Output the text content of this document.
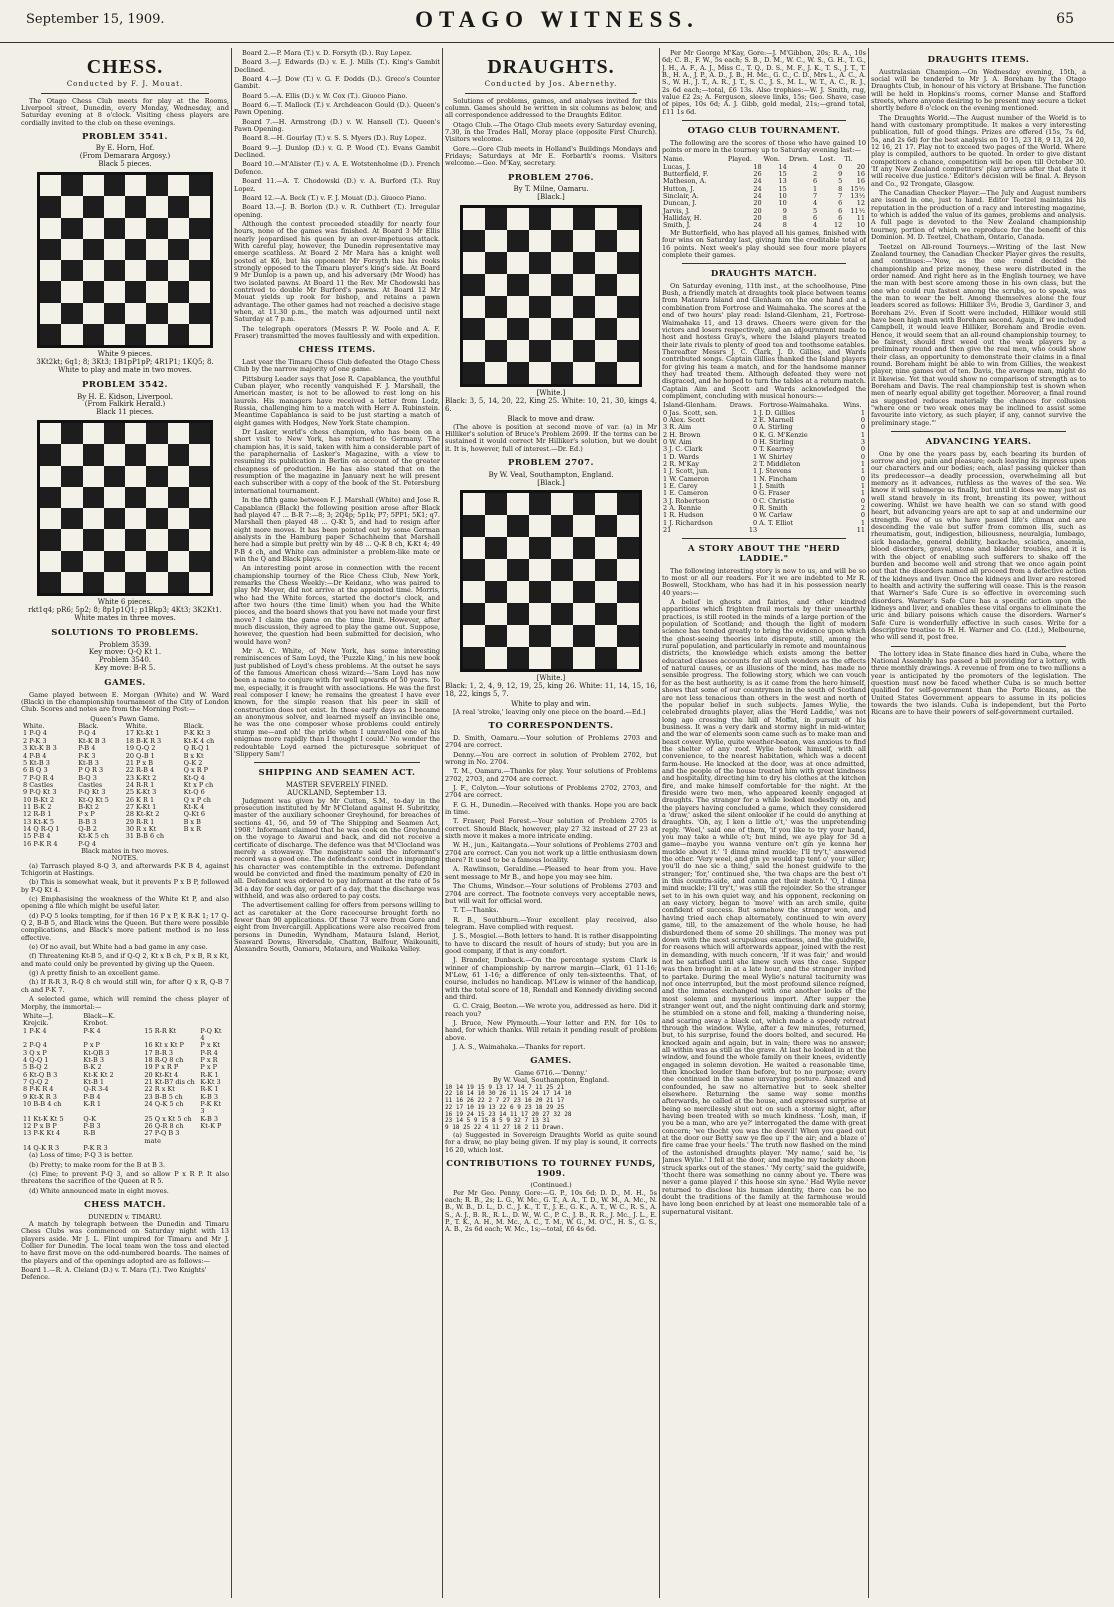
September 15, 1909.	OTAGO WITNESS.	65
CHESS.
Conducted by F. J. Mouat.

The Otago Chess Club meets for play at the Rooms, Liverpool street, Dunedin, every Monday, Wednesday, and Saturday evening at 8 o'clock. Visiting chess players are cordially invited to the club on these evenings.

PROBLEM 3541.
By E. Horn, Hof.
(From Demarara Argosy.)
Black 5 pieces.
White 9 pieces.
3Kt2kt; 6q1; 8; 3Kt3; 1B1pP1pP; 4R1P1; 1KQ5; 8.
White to play and mate in two moves.
PROBLEM 3542.
By H. E. Kidson, Liverpool.
(From Falkirk Herald.)
Black 11 pieces.
White 6 pieces.
rkt1q4; pR6; 5p2; 8; 8p1p1Q1; p1Bkp3; 4Kt3; 3K2Kt1.
White mates in three moves.
SOLUTIONS TO PROBLEMS.
Problem 3539.
Key move: Q-Q Kt 1.
Problem 3540.
Key move: B-R 5.
GAMES.

Game played between E. Morgan (White) and W. Ward (Black) in the championship tournament of the City of London Club. Scores and notes are from the Morning Post:—

Queen's Pawn Game.
White.	Black.	White.	Black.
1 P-Q 4	P-Q 4	17 Kt-Kt 1	P-K Kt 3
2 P-K 3	Kt-K B 3	18 B-K R 3	Kt-K 4 ch
3 Kt-K B 3	P-B 4	19 Q-Q 2	Q R-Q 1
4 P-B 4	P-K 3	20 Q-B 1	B x Kt
5 Kt-B 3	Kt-B 3	21 P x B	Q-K 2
6 B Q 3	P Q R 3	22 R-B 4	Q x R P
7 P-Q R 4	B-Q 3	23 K-Kt 2	Kt-Q 4
8 Castles	Castles	24 R-R 1	Kt x P ch
9 P-Q Kt 3	P-Q Kt 3	25 K-Kt 3	Kt-Q 6
10 B-Kt 2	Kt-Q Kt 5	26 K R 1	Q x P ch
11 B-K 2	B-Kt 2	27 K-Kt 1	Kt-K 4
12 R-B 1	P x P	28 Kt-Kt 2	Q-Kt 6
13 Kt-K 5	B-B 3	29 R-R 1	B x B
14 Q R-Q 1	Q-B 2	30 R x Kt	B x R
15 P-B 4	Kt-K 5 ch	31 B-B 6 ch	
16 P-K R 4	P-Q 4		
Black mates in two moves.
NOTES.

(a) Tarrasch played 8-Q 3, and afterwards P-K B 4, against Tchigorin at Hastings.

(b) This is somewhat weak, but it prevents P x B P, followed by P-Q Kt 4.

(c) Emphasising the weakness of the White Kt P, and also opening a file which might be useful later.

(d) P-Q 5 looks tempting, for if then 16 P x P, K R-K 1; 17 Q-Q 2, B-B 5, and Black wins the Queen. But there were possible complications, and Black's more patient method is no less effective.

(e) Of no avail, but White had a bad game in any case.

(f) Threatening Kt-B 5, and if Q-Q 2, Kt x B ch, P x B, R x Kt, and mate could only be prevented by giving up the Queen.

(g) A pretty finish to an excellent game.

(h) If R-R 3, R-Q 8 ch would still win, for after Q x R, Q-B 7 ch and P-K 7.

A selected game, which will remind the chess player of Morphy, the immortal:—

White—J. Krejcik.	Black—K. Krobot.		
1 P-K 4	P-K 4	15 R-R Kt	P-Q Kt 4
2 P-Q 4	P x P	16 Kt x Kt P	P x Kt
3 Q x P	Kt-QB 3	17 B-R 3	P-R 4
4 Q-Q 1	Kt-B 3	18 R-Q 8 ch	P x R
5 B-Q 2	B-K 2	19 P x R P	P x P
6 Kt-Q B 3	Kt-K Kt 2	20 Kt-Kt 4	R-K 1
7 Q-Q 2	Kt-B 1	21 Kt-B7 dis ch	K-Kt 3
8 P-K R 4	Q-R 3-4	22 R x Kt	R-K 1
9 Kt-K R 3	P-B 4	23 B-B 5 ch	K-B 3
10 B-B 4 ch	K-R 1	24 Q-K 5 ch	P-K Kt 3
11 Kt-K Kt 5	Q-K	25 Q x Kt 5 ch	K-B 3
12 P x B P	P-B 3	26 Q-R 8 ch	Kt-K P
13 P-K Kt 4	R-B	27 P-Q B 3 mate	
14 Q-K R 3	P-K R 3		

(a) Loss of time; P-Q 3 is better.

(b) Pretty; to make room for the B at B 3.

(c) Fine; to prevent P-Q 3, and so allow P x R P. It also threatens the sacrifice of the Queen at R 5.

(d) White announced mate in eight moves.

CHESS MATCH.
DUNEDIN v. TIMARU.

A match by telegraph between the Dunedin and Timaru Chess Clubs was commenced on Saturday night with 13 players aside. Mr J. L. Flint umpired for Timaru and Mr J. Collier for Dunedin. The local team won the toss and elected to have first move on the odd-numbered boards. The names of the players and of the openings adopted are as follows:—

Board 1.—R. A. Cleland (D.) v. T. Mara (T.). Two Knights' Defence.

Board 2.—P. Mara (T.) v. D. Forsyth (D.). Ruy Lopez.

Board 3.—J. Edwards (D.) v. E. J. Mills (T.). King's Gambit Declined.

Board 4.—J. Dow (T.) v. G. F. Dodds (D.). Greco's Counter Gambit.

Board 5.—A. Ellis (D.) v. W. Cox (T.). Giuoco Piano.

Board 6.—T. Mallock (T.) v. Archdeacon Gould (D.). Queen's Pawn Opening.

Board 7.—H. Armstrong (D.) v. W. Hansell (T.). Queen's Pawn Opening.

Board 8.—H. Gourlay (T.) v. S. S. Myers (D.). Ruy Lopez.

Board 9.—J. Dunlop (D.) v. G. P. Wood (T.). Evans Gambit Declined.

Board 10.—M'Alister (T.) v. A. E. Wotstenholme (D.). French Defence.

Board 11.—A. T. Chodowski (D.) v. A. Burford (T.). Ruy Lopez.

Board 12.—A. Beck (T.) v. F. J. Mouat (D.). Giuoco Piano.

Board 13.—J. B. Borlon (D.) v. R. Cuthbert (T.). Irregular opening.

Although the contest proceeded steadily for nearly four hours, none of the games was finished. At Board 3 Mr Ellis nearly jeopardised his queen by an over-impetuous attack. With careful play, however, the Dunedin representative may emerge scathless. At Board 2 Mr Mara has a knight well posted at K6, but his opponent Mr Forsyth has his rooks strongly opposed to the Timaru player's king's side. At Board 9 Mr Dunlop is a pawn up, and his adversary (Mr Wood) has two isolated pawns. At Board 11 the Rev. Mr Chodowski has contrived to double Mr Burford's pawns. At Board 12 Mr Mouat yields up rook for bishop, and retains a pawn advantage. The other games had not reached a decisive stage when, at 11.30 p.m., the match was adjourned until next Saturday at 7 p.m.

The telegraph operators (Messrs P. W. Poole and A. F. Fraser) transmitted the moves faultlessly and with expedition.

CHESS ITEMS.

Last year the Timaru Chess Club defeated the Otago Chess Club by the narrow majority of one game.

Pittsburg Leader says that Jose R. Capablanca, the youthful Cuban player, who recently vanquished F. J. Marshall, the American master, is not to be allowed to rest long on his laurels. His managers have received a letter from Lodz, Russia, challenging him to a match with Herr A. Rubinstein. Meantime Capablanca is said to be just starting a match of eight games with Hodges, New York State champion.

Dr Lasker, world's chess champion, who has been on a short visit to New York, has returned to Germany. The champion has, it is said, taken with him a considerable part of the paraphernalia of Lasker's Magazine, with a view to resuming its publication in Berlin on account of the greater cheapness of production. He has also stated that on the resumption of the magazine in January next he will present each subscriber with a copy of the book of the St. Petersburg international tournament.

In the fifth game between F. J. Marshall (White) and Jose R. Capablanca (Black) the following position arose after Black had played 47 ... B-R 7:—8; 3; 2Q4p; 5p1k; P7; 5PP1; 5K1; q7. Marshall then played 48 ... Q-Kt 5, and had to resign after eight more moves. It has been pointed out by some German analysts in the Hamburg paper Schachheim that Marshall here had a simple but pretty win by 48 ... Q-K 8 ch, K-Kt 4; 49 P-B 4 ch, and White can administer a problem-like mate or win the Q and Black plays.

An interesting point arose in connection with the recent championship tourney of the Rice Chess Club, New York, remarks the Chess Weekly:—Dr Keidanz, who was paired to play Mr Meyer, did not arrive at the appointed time. Morris, who had the White forces, started the doctor's clock, and after two hours (the time limit) when you had the White pieces, and the board shows that you have not made your first move? I claim the game on the time limit. However, after much discussion, they agreed to play the game out. Suppose, however, the question had been submitted for decision, who would have won?

Mr A. C. White, of New York, has some interesting reminiscences of Sam Loyd, the 'Puzzle King,' in his new book just published of Loyd's chess problems. At the outset he says of the famous American chess wizard:—'Sam Loyd has now been a name to conjure with for well upwards of 50 years. To me, especially, it is fraught with associations. He was the first real composer I knew; he remains the greatest I have ever known, for the simple reason that his peer in skill of construction does not exist. In those early days as I became an anonymous solver, and learned myself an invincible one, he was the one composer whose problems could entirely stump me—and oh! the pride when I unravelled one of his enigmas more rapidly than I thought I could.' No wonder the redoubtable Loyd earned the picturesque sobriquet of 'Slippery Sam'!

SHIPPING AND SEAMEN ACT.
MASTER SEVERELY FINED.
AUCKLAND, September 13.

Judgment was given by Mr Cutten, S.M., to-day in the prosecution instituted by Mr M'Cleland against H. Subritzky, master of the auxiliary schooner Greyhound, for breaches of sections 41, 56, and 59 of 'The Shipping and Seamen Act, 1908.' Informant claimed that he was cook on the Greyhound on the voyage to Awarui and back, and did not receive a certificate of discharge. The defence was that M'Clocland was merely a stowaway. The magistrate said the informant's record was a good one. The defendant's conduct in impugning his character was contemptible in the extreme. Defendant would be convicted and fined the maximum penalty of £20 in all. Defendant was ordered to pay informant at the rate of 5s 3d a day for each day, or part of a day, that the discharge was withheld, and was also ordered to pay costs.

The advertisement calling for offers from persons willing to act as caretaker at the Gore racecourse brought forth no fewer than 90 applications. Of these 73 were from Gore and eight from Invercargill. Applications were also received from persons in Dunedin, Wyndham, Mataura Island, Heriot, Seaward Downs, Riversdale, Chatton, Balfour, Waikouaiti, Alexandra South, Oamaru, Mataura, and Waikaka Valley.

DRAUGHTS.
Conducted by Jos. Abernethy.

Solutions of problems, games, and analyses invited for this column. Games should be written in six columns as below, and all correspondence addressed to the Draughts Editor.

Otago Club.—The Otago Club meets every Saturday evening, 7.30, in the Trades Hall, Moray place (opposite First Church). Visitors welcome.

Gore.—Gore Club meets in Holland's Buildings Mondays and Fridays; Saturdays at Mr E. Forbarth's rooms. Visitors welcome.—Geo. M'Kay, secretary.

PROBLEM 2706.
By T. Milne, Oamaru.
[Black.]
[White.]

Black: 3, 5, 14, 20, 22, King 25. White: 10, 21, 30, kings 4, 6.

Black to move and draw.

(The above is position at second move of var. (a) in Mr Hilliker's solution of Bruce's Problem 2699. If the terms can be sustained it would correct Mr Hilliker's solution, but we doubt it. It is, however, full of interest.—Dr. Ed.)

PROBLEM 2707.
By W. Veal, Southampton, England.
[Black.]
[White.]

Black: 1, 2, 4, 9, 12, 19, 25, king 26. White: 11, 14, 15, 16, 18, 22, kings 5, 7.

White to play and win.

[A real 'stroke,' leaving only one piece on the board.—Ed.]

TO CORRESPONDENTS.

D. Smith, Oamaru.—Your solution of Problems 2703 and 2704 are correct.

Denny.—You are correct in solution of Problem 2702, but wrong in No. 2704.

T. M., Oamaru.—Thanks for play. Your solutions of Problems 2702, 2703, and 2704 are correct.

J. F., Colyton.—Your solutions of Problems 2702, 2703, and 2704 are correct.

F. G. H., Dunedin.—Received with thanks. Hope you are back in time.

T. Fraser, Peel Forest.—Your solution of Problem 2705 is correct. Should Black, however, play 27 32 instead of 27 23 at sixth move it makes a more intricate ending.

W. H., jun., Kaitangata.—Your solutions of Problems 2703 and 2704 are correct. Can you not work up a little enthusiasm down there? It used to be a famous locality.

A. Rawlinson, Geraldine.—Pleased to hear from you. Have sent message to Mr B., and hope you may see him.

The Chums, Windsor.—Your solutions of Problems 2703 and 2704 are correct. The footnote conveys very acceptable news, but will wait for official word.

T. T.—Thanks.

R. B., Southburn.—Your excellent play received, also telegram. Have complied with request.

J. S., Mosgiel.—Both letters to hand. It is rather disappointing to have to discard the result of hours of study; but you are in good company, if that is any comfort.

J. Brander, Dunback.—On the percentage system Clark is winner of championship by narrow margin—Clark, 61 11-16; M'Lew, 61 1-16; a difference of only ten-sixteenths. That, of course, includes no handicap. M'Lew is winner of the handicap, with the total score of 18, Rendall and Kennedy dividing second and third.

G. C. Craig, Beeton.—We wrote you, addressed as here. Did it reach you?

J. Bruce, New Plymouth.—Your letter and P.N. for 10s to hand, for which thanks. Will retain it pending result of problem above.

J. A. S., Waimahaka.—Thanks for report.

GAMES.
Game 6716.—'Denny.'
By W. Veal, Southampton, England.
10 14 19 15 9 13 17 14 7 11 25 21
22 18 14 10 30 26 11 15 24 17 14 10
11 16 26 22 2 7 27 23 16 20 21 17
22 17 10 19 13 22 6 9 23 18 29 25
16 19 24 15 23 14 11 17 20 27 32 28
23 14 5 9 15 8 5 9 32 7 13 31
9 18 25 22 4 11 27 18 2 11 Drawn.

(a) Suggested in Sovereign Draughts World as quite sound for a draw, no play being given. If my play is sound, it corrects 16 20, which lost.

CONTRIBUTIONS TO TOURNEY FUNDS, 1909.
(Continued.)

Per Mr Geo. Penny, Gore:—G. P., 10s 6d; D. D., M. H., 5s each; R. B., 2s; L. G., W. Mc., G. T., A. A., T. D., W. M., A. Mc., N. B., W. B., D. L., D. C., J. K., T. T., J. E., G. K., A. T., W. C., R. S., A. S., A. J., B. R., R. L., D. W., W. C., P. C., J. B., R. R., J. Mc., J. L., E. P., T. K., A. H., M. Mc., A. C., T. M., W. G., M. O'C., H. S., G. S., A. B., 2s 6d each; W. Mc., 1s;—total, £6 4s 6d.

Per Mr George M'Kay, Gore:—J. M'Gibbon, 20s; R. A., 10s 6d; C. B., F. W., 5s each; S. B., D. M., W. C., W. S., G. H., T. G., J. H., A. F., A. J., Miss C., T. Q., D. S., M. F., J. K., T. S., J. T., T. B., H. A., J. P., A. D., J. B., H. Mc., G. C., C. D., Mrs L., A. C., A. S., W. H., J. T., A. R., J. T., S. C., J. S., M. L., W. T., A. C., R. J., 2s 6d each;—total, £6 13s. Also trophies:—W. J. Smith, rug, value £2 2s; A. Ferguson, sleeve links, 15s; Geo. Shave, case of pipes, 10s 6d; A. J. Gibb, gold medal, 21s;—grand total, £11 1s 6d.

OTAGO CLUB TOURNAMENT.

The following are the scores of those who have gained 10 points or more in the tourney up to Saturday evening last:—

Name.	Played.	Won.	Drwn.	Lost.	Tl.
Lucas, J.	18	14	4	0	20
Butterfield, F.	26	15	2	9	16
Matheson, A.	24	13	6	5	16
Hutton, J.	24	15	1	8	15½
Sinclair, A.	24	10	7	7	13½
Duncan, J.	20	10	4	6	12
Jarvis, J.	20	9	5	6	11½
Halliday, H.	20	8	6	6	11
Smith, J.	24	8	4	12	10

Mr Butterfield, who has played all his games, finished with four wins on Saturday last, giving him the creditable total of 16 points. Next week's play should see four more players complete their games.

DRAUGHTS MATCH.

On Saturday evening, 11th inst., at the schoolhouse, Pine Bush, a friendly match at draughts took place between teams from Mataura Island and Glenham on the one hand and a combination from Fortrose and Waimahaka. The scores at the end of two hours' play read: Island-Glenham, 21, Fortrose-Waimahaka 11, and 13 draws. Cheers were given for the victors and losers respectively, and an adjournment made to host and hostess Gray's, where the Island players treated their late rivals to plenty of good tea and toothsome eatables. Thereafter Messrs J. C. Clark, J. D. Gillies, and Wards contributed songs. Captain Gillies thanked the Island players for giving his team a match, and for the handsome manner they had treated them. Although defeated they were not disgraced, and he hoped to turn the tables at a return match. Captain Aim and Scott and Wards acknowledged the compliment, concluding with musical honours:—

Island-Glenham.	Draws.	Fortrose-Waimahaka.	Wins.
0 Jas. Scott, sen.	1	J. D. Gillies	1
0 Alex. Scott	2	E. Marnell	0
3 R. Aim	0	A. Stirling	0
2 H. Brown	0	K. G. M'Kenzie	1
0 W. Aim	0	H. Stirling	3
3 J. C. Clark	0	T. Kearney	0
1 D. Wards	1	W. Shirley	0
2 R. M'Kay	2	T. Middleton	1
1 J. Scott, jun.	1	J. Stevens	1
1 W. Cameron	1	N. Fincham	0
1 E. Carey	1	J. Smith	1
1 E. Cameron	0	G. Fraser	1
3 J. Robertson	0	C. Christie	0
2 A. Rennie	0	R. Smith	2
1 R. Hudson	0	W. Carlaw	0
1 J. Richardson	0	A. T. Elliot	1
21	13		11
A STORY ABOUT THE "HERD LADDIE."

The following interesting story is new to us, and will be so to most or all our readers. For it we are indebted to Mr R. Boswell, Stockham, who has had it in his possession nearly 40 years:—

A belief in ghosts and fairies, and other kindred apparitions which frighten frail mortals by their unearthly practices, is still rooted in the minds of a large portion of the population of Scotland; and though the light of modern science has tended greatly to bring the evidence upon which the ghost-seeing theories into disrepute, still, among the rural population, and particularly in remote and mountainous districts, the knowledge which exists among the better educated classes accounts for all such wonders as the effects of natural causes, or as illusions of the mind, has made no sensible progress. The following story, which we can vouch for as the best authority, is as it came from the hero himself, shows that some of our countrymen in the south of Scotland are not less tenacious than others in the west and north of the popular belief in such subjects. James Wylie, the celebrated draughts player, alias the 'Herd Laddie,' was not long ago crossing the hill of Moffat, in pursuit of his business. It was a very dark and stormy night in mid-winter, and the war of elements soon came such as to make man and beast cower. Wylie, quite weather-beaten, was anxious to find the shelter of any roof. Wylie betook himself, with all convenience, to the nearest habitation, which was a decent farm-house. He knocked at the door, was at once admitted, and the people of the house treated him with great kindness and hospitality, directing him to dry his clothes at the kitchen fire, and make himself comfortable for the night. At the fireside were two men, who appeared keenly engaged at draughts. The stranger for a while looked modestly on, and the players having concluded a game, which they considered a 'draw,' asked the silent onlooker if he could do anything at draughts. 'Oh, ay, I ken a little o't,' was the unpretending reply. 'Weel,' said one of them, 'if you like to try your hand, you may take a while o't; but mind, we aye play for 3d a game—maybe you wanna venture on't gin ye kenna her muckle about it.' 'I dinna mind muckle; I'll try't,' answered the other. 'Very weel, and gin ye would tap tent o' your siller, you'll do nae sic a thing,' said the honest guidwife to the stranger; 'for,' continued she, 'the twa chaps are the best o't in this countra-side, and canna get their match.' 'O, I dinna mind muckle; I'll try't,' was still the rejoinder. So the stranger set to in his own quiet way, and his opponent, reckoning on an easy victory, began to 'move' with an arch smile, quite confident of success. But somehow the stranger won, and having tried each chap alternately, continued to win every game, till, to the amazement of the whole house, he had disburdened them of some 20 shillings. The money was put down with the most scrupulous exactness, and the guidwife, for reasons which will afterwards appear, joined with the rest in demanding, with much concern, 'If it was fair,' and would not be satisfied until she knew such was the case. Supper was then brought in at a late hour, and the stranger invited to partake. During the meal Wylie's natural taciturnity was not once interrupted, but the most profound silence reigned, and the inmates exchanged with one another looks of the most solemn and mysterious import. After supper the stranger went out, and the night continuing dark and stormy, he stumbled on a stone and fell, making a thundering noise, and scaring away a black cat, which made a speedy retreat through the window. Wylie, after a few minutes, returned, but, to his surprise, found the doors bolted, and secured. He knocked again and again, but in vain; there was no answer; all within was as still as the grave. At last he looked in at the window, and found the whole family on their knees, evidently engaged in solemn devotion. He waited a reasonable time, then knocked louder than before, but to no purpose; every one continued in the same unvarying posture. Amazed and confounded, he saw no alternative but to seek shelter elsewhere. Returning the same way some months afterwards, he called at the house, and expressed surprise at being so mercilessly shut out on such a stormy night, after having been treated with so much kindness. 'Losh, man, if you be a man, who are ye?' interrogated the dame with great concern; 'we thocht you was the deevil! When you gaed out at the door our Betty saw ye flee up i' the air; and a blaze o' fire came frae your heels.' The truth now flashed on the mind of the astonished draughts player. 'My name,' said he, 'is James Wylie.' I fell at the door, and maybe my tackety shoon struck sparks out of the stanes.' 'My certy,' said the guidwife, 'thocht there was something no canny about ye. There was never a game played i' this hoose sin syne.' Had Wylie never returned to disclose his human identity, there can be no doubt the traditions of the family at the farmhouse would have long been enriched by at least one memorable tale of a supernatural visitant.

DRAUGHTS ITEMS.

Australasian Champion.—On Wednesday evening, 15th, a social will be tendered to Mr J. A. Boreham by the Otago Draughts Club, in honour of his victory at Brisbane. The function will be held in Hopkins's rooms, corner Manse and Stafford streets, where anyone desiring to be present may secure a ticket shortly before 8 o'clock on the evening mentioned.

The Draughts World.—The August number of the World is to hand with customary promptitude. It makes a very interesting publication, full of good things. Prizes are offered (15s, 7s 6d, 5s, and 2s 6d) for the best analysis on 10 15, 23 18, 9 13, 24 20, 12 16, 21 17. Play not to exceed two pages of the World. Where play is compiled, authors to be quoted. In order to give distant competitors a chance, competition will be open till October 30. 'If any New Zealand competitors' play arrives after that date it will receive due justice.' Editor's decision will be final. A. Bryson and Co., 92 Trongate, Glasgow.

The Canadian Checker Player.—The July and August numbers are issued in one, just to hand. Editor Teetzel maintains his reputation in the production of a racy and interesting magazine, to which is added the value of its games, problems and analysis. A full page is devoted to the New Zealand championship tourney, portion of which we reproduce for the benefit of this Dominion. M. D. Teetzel, Chatham, Ontario, Canada.

Teetzel on All-round Tourneys.—Writing of the last New Zealand tourney, the Canadian Checker Player gives the results, and continues:—'Now, as the one round decided the championship and prize money, these were distributed in the order named. And right here as in the English tourney, we have the man with best score among those in his own class, but the one who could run fastest among the scrubs, so to speak, was the man to wear the belt. Among themselves alone the four leaders scored as follows: Hilliker 3½, Brodie 3, Gardiner 3, and Boreham 2½. Even if Scott were included, Hilliker would still have been high man with Boreham second. Again, if we included Campbell, it would leave Hilliker, Boreham and Brodie even. Hence, it would seem that an all-round championship tourney, to be fairest, should first weed out the weak players by a preliminary round and then give the real men, who could show their class, an opportunity to demonstrate their claims in a final round. Boreham might be able to win from Gillies, the weakest player, nine games out of ten. Davis, the average man, might do it likewise. Yet that would show no comparison of strength as to Boreham and Davis. The real championship test is shown when men of nearly equal ability get together. Moreover, a final round as suggested reduces materially the chances for collusion "where one or two weak ones may be inclined to assist some favourite into victory, as such player, if any, cannot survive the preliminary stage."'

ADVANCING YEARS.

One by one the years pass by, each bearing its burden of sorrow and joy, pain and pleasure; each leaving its impress upon our characters and our bodies; each, alas! passing quicker than its predecessor—a deadly procession, overwhelming all but memory as it advances, ruthless as the waves of the sea. We know it will submerge us finally, but until it does we may just as well stand bravely in its front, breasting its power, without cowering. Whilst we have health we can so stand with good heart, but advancing years are apt to sap at and undermine our strength. Few of us who have passed life's climax and are descending the vale but suffer from common ills, such as rheumatism, gout, indigestion, biliousness, neuralgia, lumbago, sick headache, general debility, backache, sciatica, anaemia, blood disorders, gravel, stone and bladder troubles, and it is with the object of enabling such sufferers to shake off the burden and become well and strong that we once again point out that the disorders named all proceed from a defective action of the kidneys and liver. Once the kidneys and liver are restored to health and activity the suffering will cease. This is the reason that Warner's Safe Cure is so effective in overcoming such disorders. Warner's Safe Cure has a specific action upon the kidneys and liver, and enables these vital organs to eliminate the uric and biliary poisons which cause the disorders. Warner's Safe Cure is wonderfully effective in such cases. Write for a descriptive treatise to H. H. Warner and Co. (Ltd.), Melbourne, who will send it, post free.

The lottery idea in State finance dies hard in Cuba, where the National Assembly has passed a bill providing for a lottery, with three monthly drawings. A revenue of from one to two millions a year is anticipated by the promoters of the legislation. The question must now be faced whether Cuba is so much better qualified for self-government than the Porto Ricans, as the United States Government appears to assume in its policies towards the two islands. Cuba is independent, but the Porto Ricans are to have their powers of self-government curtailed.
